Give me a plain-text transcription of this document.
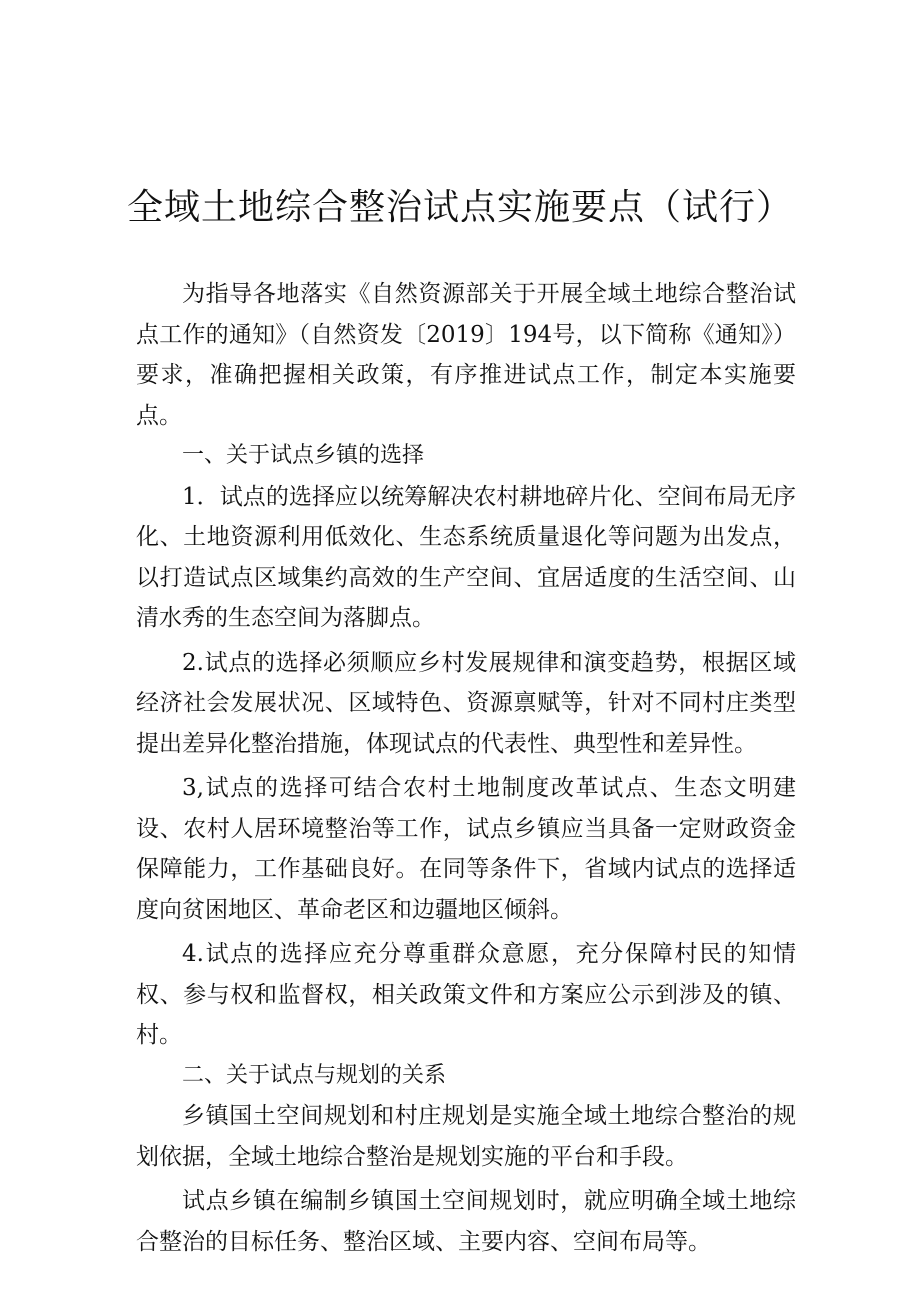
全域土地综合整治试点实施要点（试行）

为指导各地落实《自然资源部关于开展全域土地综合整治试点工作的通知》（自然资发〔2019〕194号，以下简称《通知》）要求，准确把握相关政策，有序推进试点工作，制定本实施要点。

一、关于试点乡镇的选择

1．试点的选择应以统筹解决农村耕地碎片化、空间布局无序化、土地资源利用低效化、生态系统质量退化等问题为出发点，以打造试点区域集约高效的生产空间、宜居适度的生活空间、山清水秀的生态空间为落脚点。

2.试点的选择必须顺应乡村发展规律和演变趋势，根据区域经济社会发展状况、区域特色、资源禀赋等，针对不同村庄类型提出差异化整治措施，体现试点的代表性、典型性和差异性。

3,试点的选择可结合农村土地制度改革试点、生态文明建设、农村人居环境整治等工作，试点乡镇应当具备一定财政资金保障能力，工作基础良好。在同等条件下，省域内试点的选择适度向贫困地区、革命老区和边疆地区倾斜。

4.试点的选择应充分尊重群众意愿，充分保障村民的知情权、参与权和监督权，相关政策文件和方案应公示到涉及的镇、村。

二、关于试点与规划的关系

乡镇国土空间规划和村庄规划是实施全域土地综合整治的规划依据，全域土地综合整治是规划实施的平台和手段。

试点乡镇在编制乡镇国土空间规划时，就应明确全域土地综合整治的目标任务、整治区域、主要内容、空间布局等。
